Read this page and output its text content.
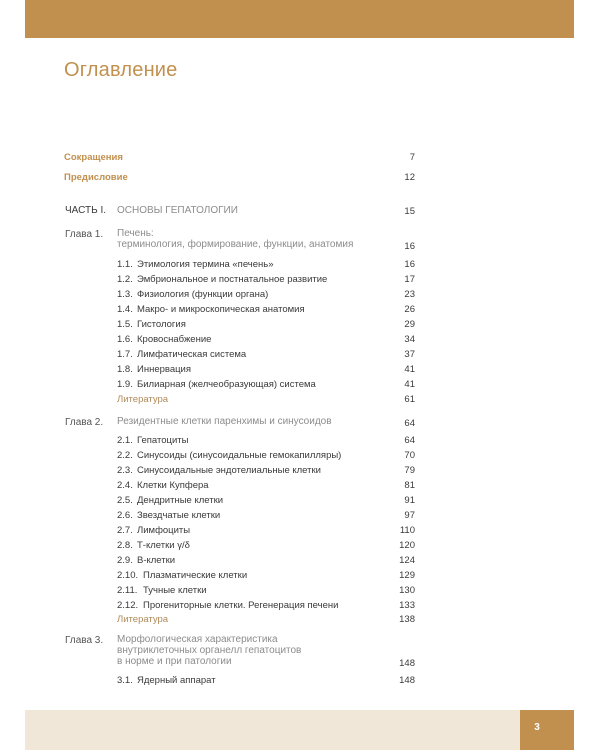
Оглавление
Сокращения	7
Предисловие	12
ЧАСТЬ I. ОСНОВЫ ГЕПАТОЛОГИИ	15
Глава 1. Печень:
терминология, формирование, функции, анатомия	16
1.1. Этимология термина «печень»	16
1.2. Эмбриональное и постнатальное развитие	17
1.3. Физиология (функции органа)	23
1.4. Макро- и микроскопическая анатомия	26
1.5. Гистология	29
1.6. Кровоснабжение	34
1.7. Лимфатическая система	37
1.8. Иннервация	41
1.9. Билиарная (желчеобразующая) система	41
Литература	61
Глава 2. Резидентные клетки паренхимы и синусоидов	64
2.1. Гепатоциты	64
2.2. Синусоиды (синусоидальные гемокапилляры)	70
2.3. Синусоидальные эндотелиальные клетки	79
2.4. Клетки Купфера	81
2.5. Дендритные клетки	91
2.6. Звездчатые клетки	97
2.7. Лимфоциты	110
2.8. Т-клетки γ/δ	120
2.9. В-клетки	124
2.10. Плазматические клетки	129
2.11. Тучные клетки	130
2.12. Прогениторные клетки. Регенерация печени	133
Литература	138
Глава 3. Морфологическая характеристика
внутриклеточных органелл гепатоцитов
в норме и при патологии	148
3.1. Ядерный аппарат	148
3
